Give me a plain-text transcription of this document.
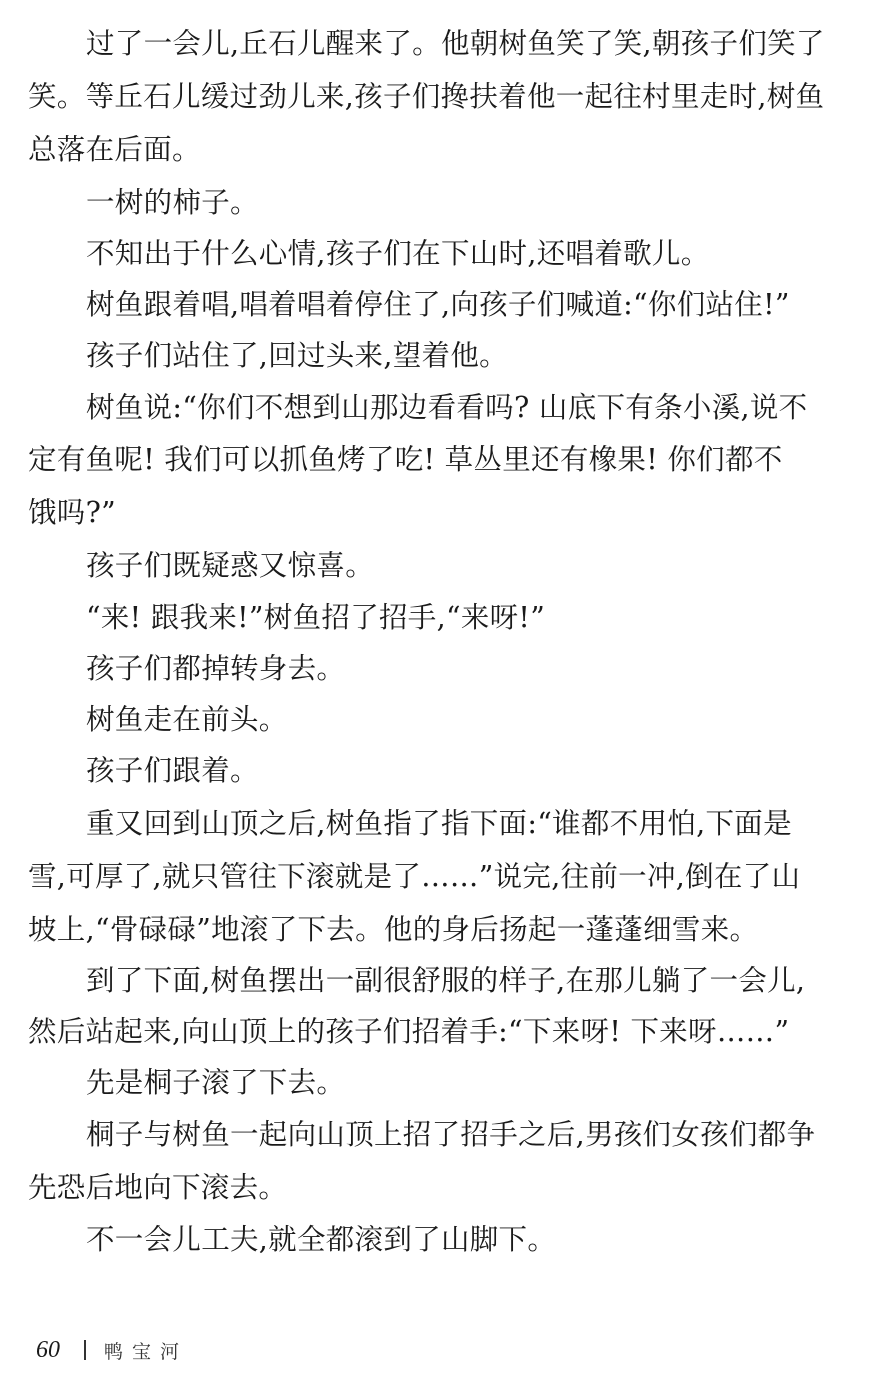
过了一会儿,丘石儿醒来了。他朝树鱼笑了笑,朝孩子们笑了
笑。等丘石儿缓过劲儿来,孩子们搀扶着他一起往村里走时,树鱼
总落在后面。
一树的柿子。
不知出于什么心情,孩子们在下山时,还唱着歌儿。
树鱼跟着唱,唱着唱着停住了,向孩子们喊道:“你们站住!”
孩子们站住了,回过头来,望着他。
树鱼说:“你们不想到山那边看看吗? 山底下有条小溪,说不
定有鱼呢! 我们可以抓鱼烤了吃! 草丛里还有橡果! 你们都不
饿吗?”
孩子们既疑惑又惊喜。
“来! 跟我来!”树鱼招了招手,“来呀!”
孩子们都掉转身去。
树鱼走在前头。
孩子们跟着。
重又回到山顶之后,树鱼指了指下面:“谁都不用怕,下面是
雪,可厚了,就只管往下滚就是了……”说完,往前一冲,倒在了山
坡上,“骨碌碌”地滚了下去。他的身后扬起一蓬蓬细雪来。
到了下面,树鱼摆出一副很舒服的样子,在那儿躺了一会儿,
然后站起来,向山顶上的孩子们招着手:“下来呀! 下来呀……”
先是桐子滚了下去。
桐子与树鱼一起向山顶上招了招手之后,男孩们女孩们都争
先恐后地向下滚去。
不一会儿工夫,就全都滚到了山脚下。
60 鸭宝河
